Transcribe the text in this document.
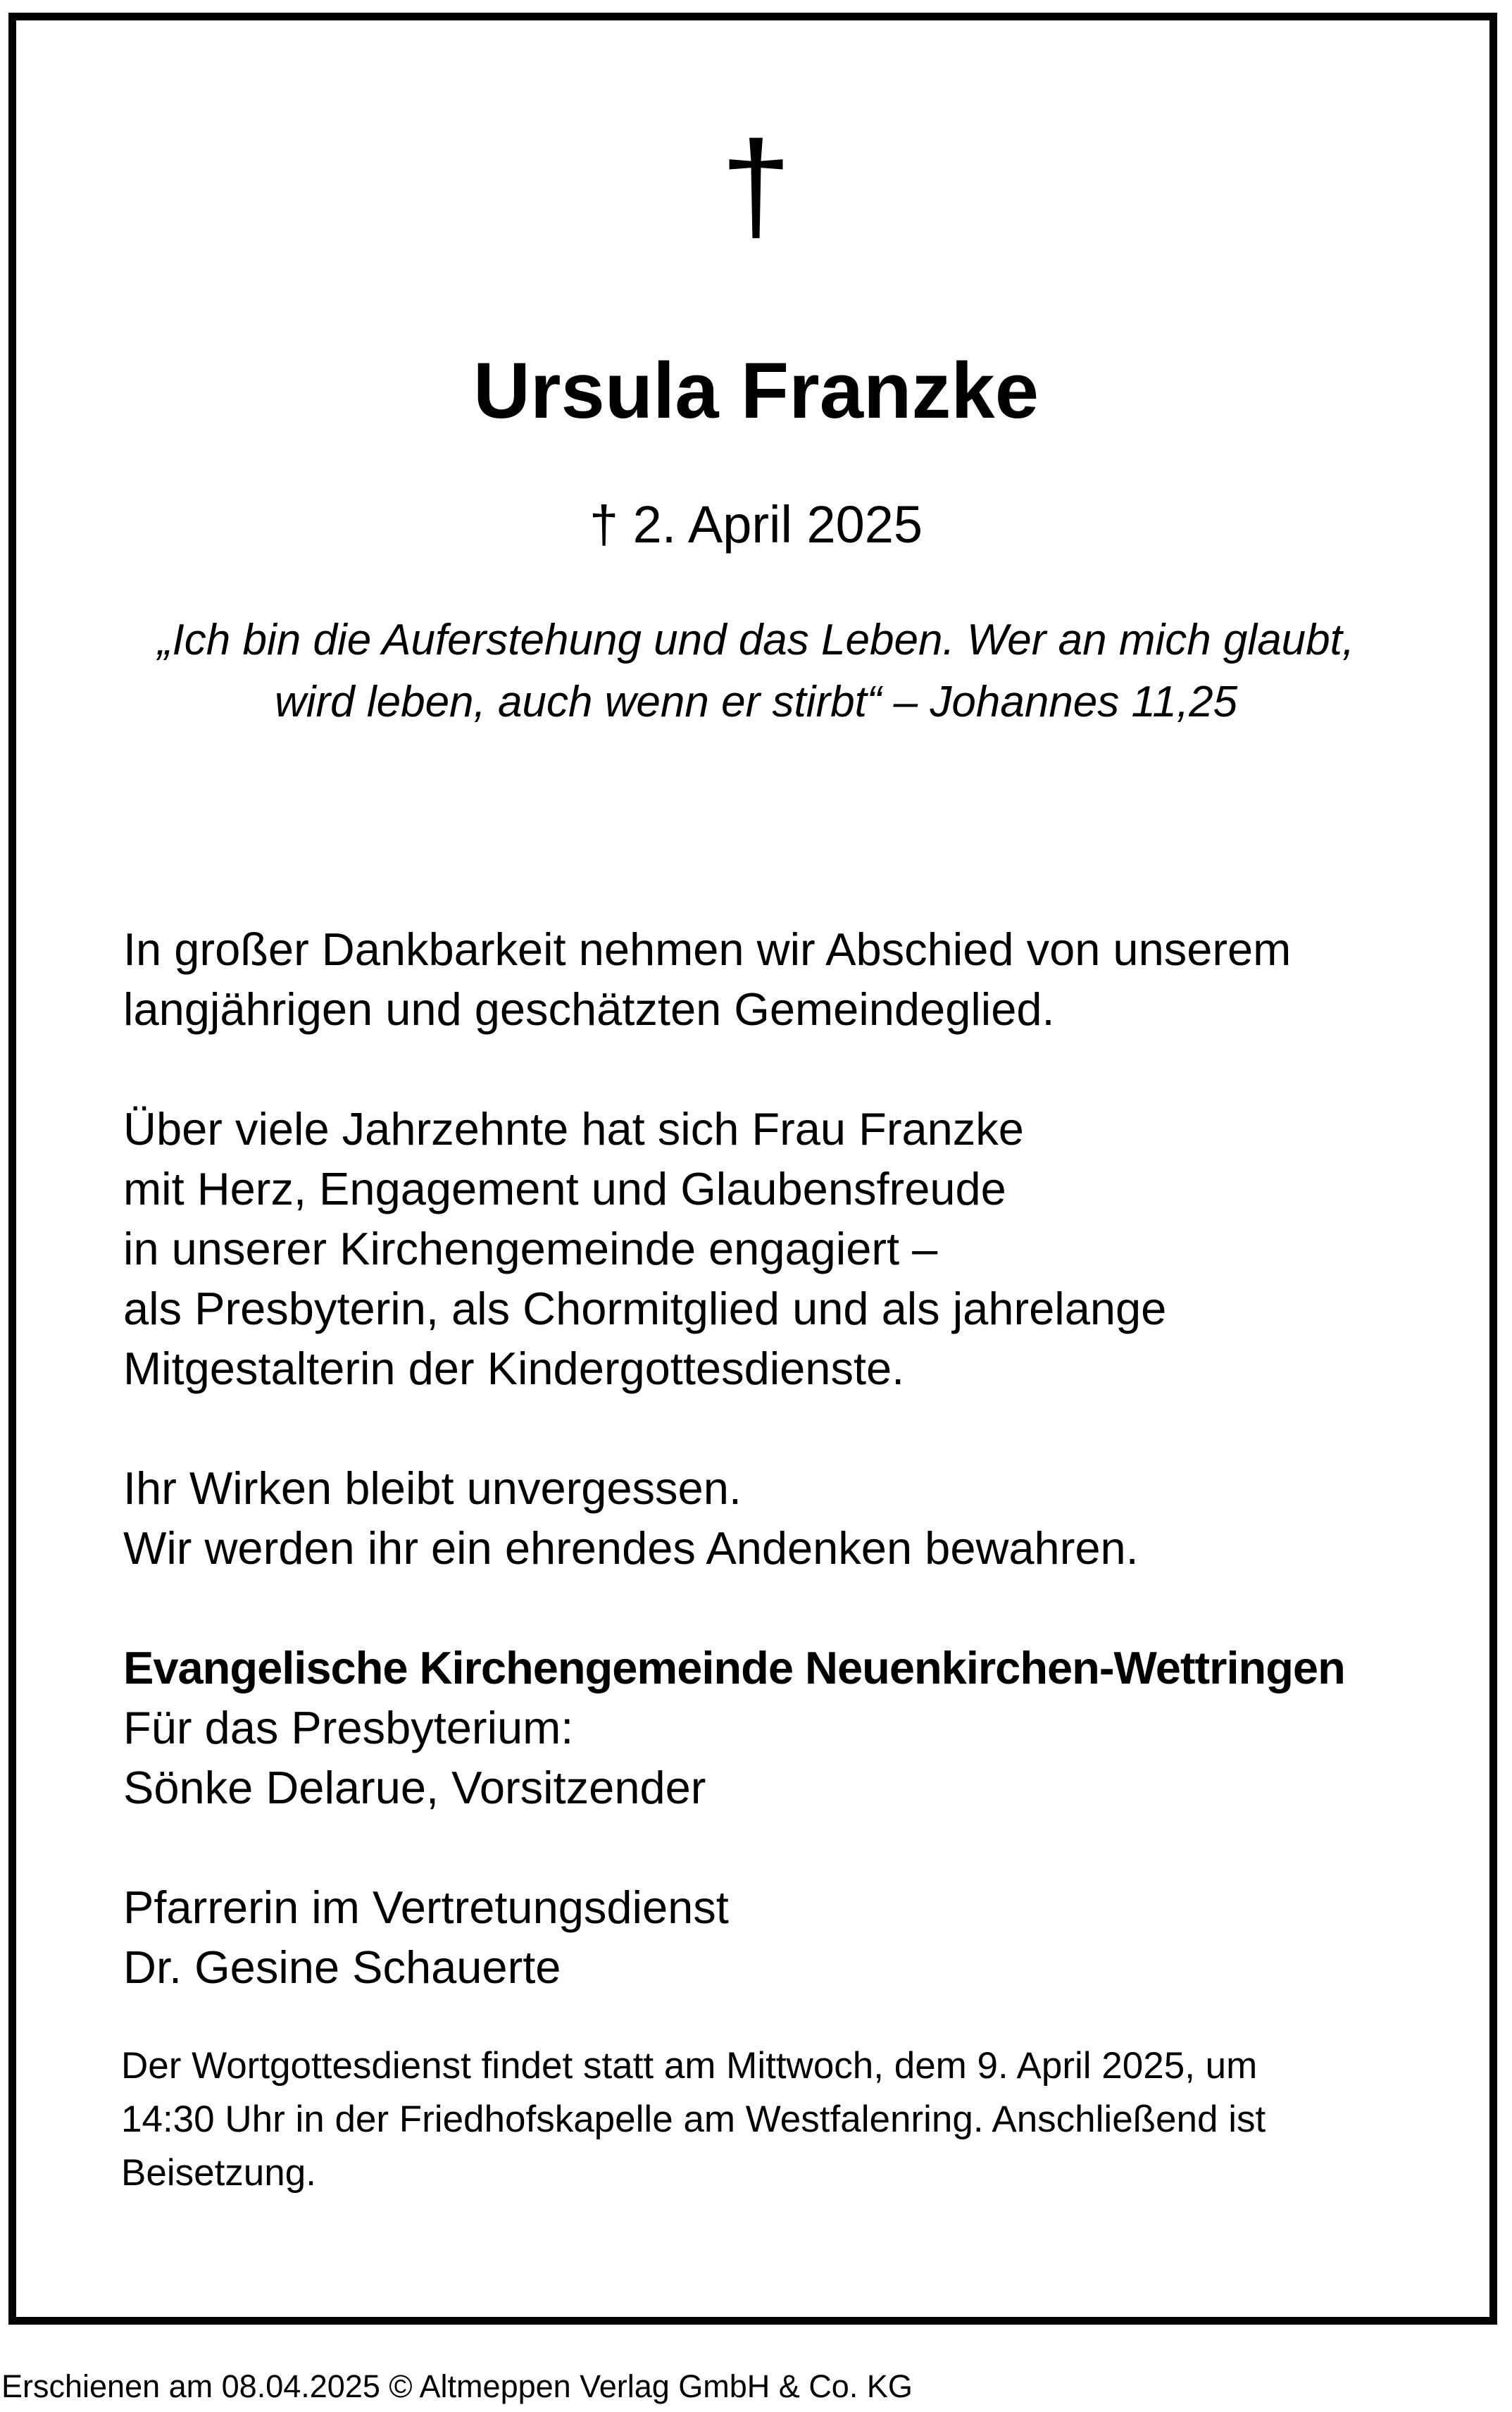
†
Ursula Franzke
† 2. April 2025
„Ich bin die Auferstehung und das Leben. Wer an mich glaubt,
wird leben, auch wenn er stirbt“ – Johannes 11,25
In großer Dankbarkeit nehmen wir Abschied von unserem
langjährigen und geschätzten Gemeindeglied.
Über viele Jahrzehnte hat sich Frau Franzke
mit Herz, Engagement und Glaubensfreude
in unserer Kirchengemeinde engagiert –
als Presbyterin, als Chormitglied und als jahrelange
Mitgestalterin der Kindergottesdienste.
Ihr Wirken bleibt unvergessen.
Wir werden ihr ein ehrendes Andenken bewahren.
Evangelische Kirchengemeinde Neuenkirchen-Wettringen
Für das Presbyterium:
Sönke Delarue, Vorsitzender
Pfarrerin im Vertretungsdienst
Dr. Gesine Schauerte
Der Wortgottesdienst findet statt am Mittwoch, dem 9. April 2025, um
14:30 Uhr in der Friedhofskapelle am Westfalenring. Anschließend ist
Beisetzung.
Erschienen am 08.04.2025 © Altmeppen Verlag GmbH & Co. KG
